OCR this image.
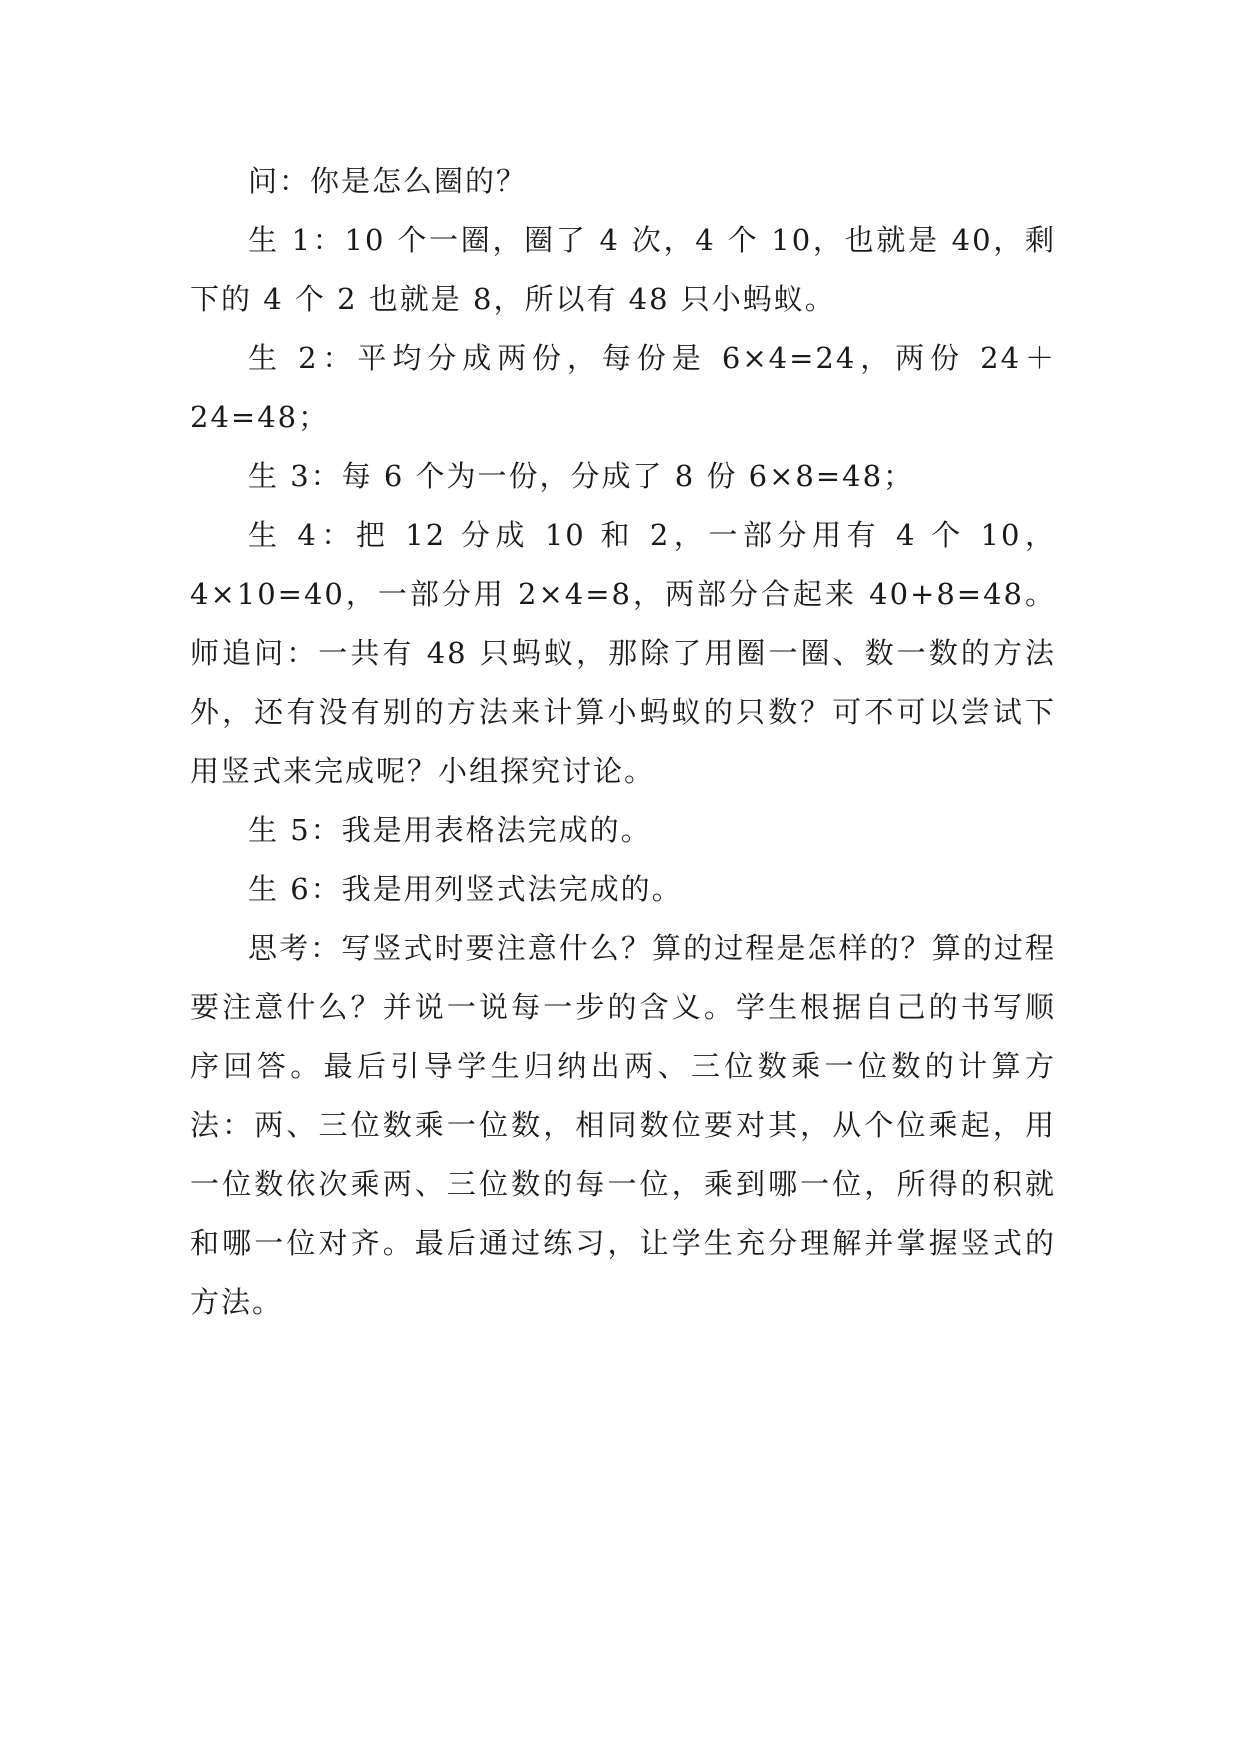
问：你是怎么圈的？

生 1：10 个一圈，圈了 4 次，4 个 10，也就是 40，剩下的 4 个 2 也就是 8，所以有 48 只小蚂蚁。

生 2：平均分成两份，每份是 6×4=24，两份 24＋24=48；

生 3：每 6 个为一份，分成了 8 份 6×8=48；

生 4：把 12 分成 10 和 2，一部分用有 4 个 10，4×10=40，一部分用 2×4=8，两部分合起来 40+8=48。师追问：一共有 48 只蚂蚁，那除了用圈一圈、数一数的方法外，还有没有别的方法来计算小蚂蚁的只数？可不可以尝试下用竖式来完成呢？小组探究讨论。

生 5：我是用表格法完成的。

生 6：我是用列竖式法完成的。

思考：写竖式时要注意什么？算的过程是怎样的？算的过程要注意什么？并说一说每一步的含义。学生根据自己的书写顺序回答。最后引导学生归纳出两、三位数乘一位数的计算方法：两、三位数乘一位数，相同数位要对其，从个位乘起，用一位数依次乘两、三位数的每一位，乘到哪一位，所得的积就和哪一位对齐。最后通过练习，让学生充分理解并掌握竖式的方法。
